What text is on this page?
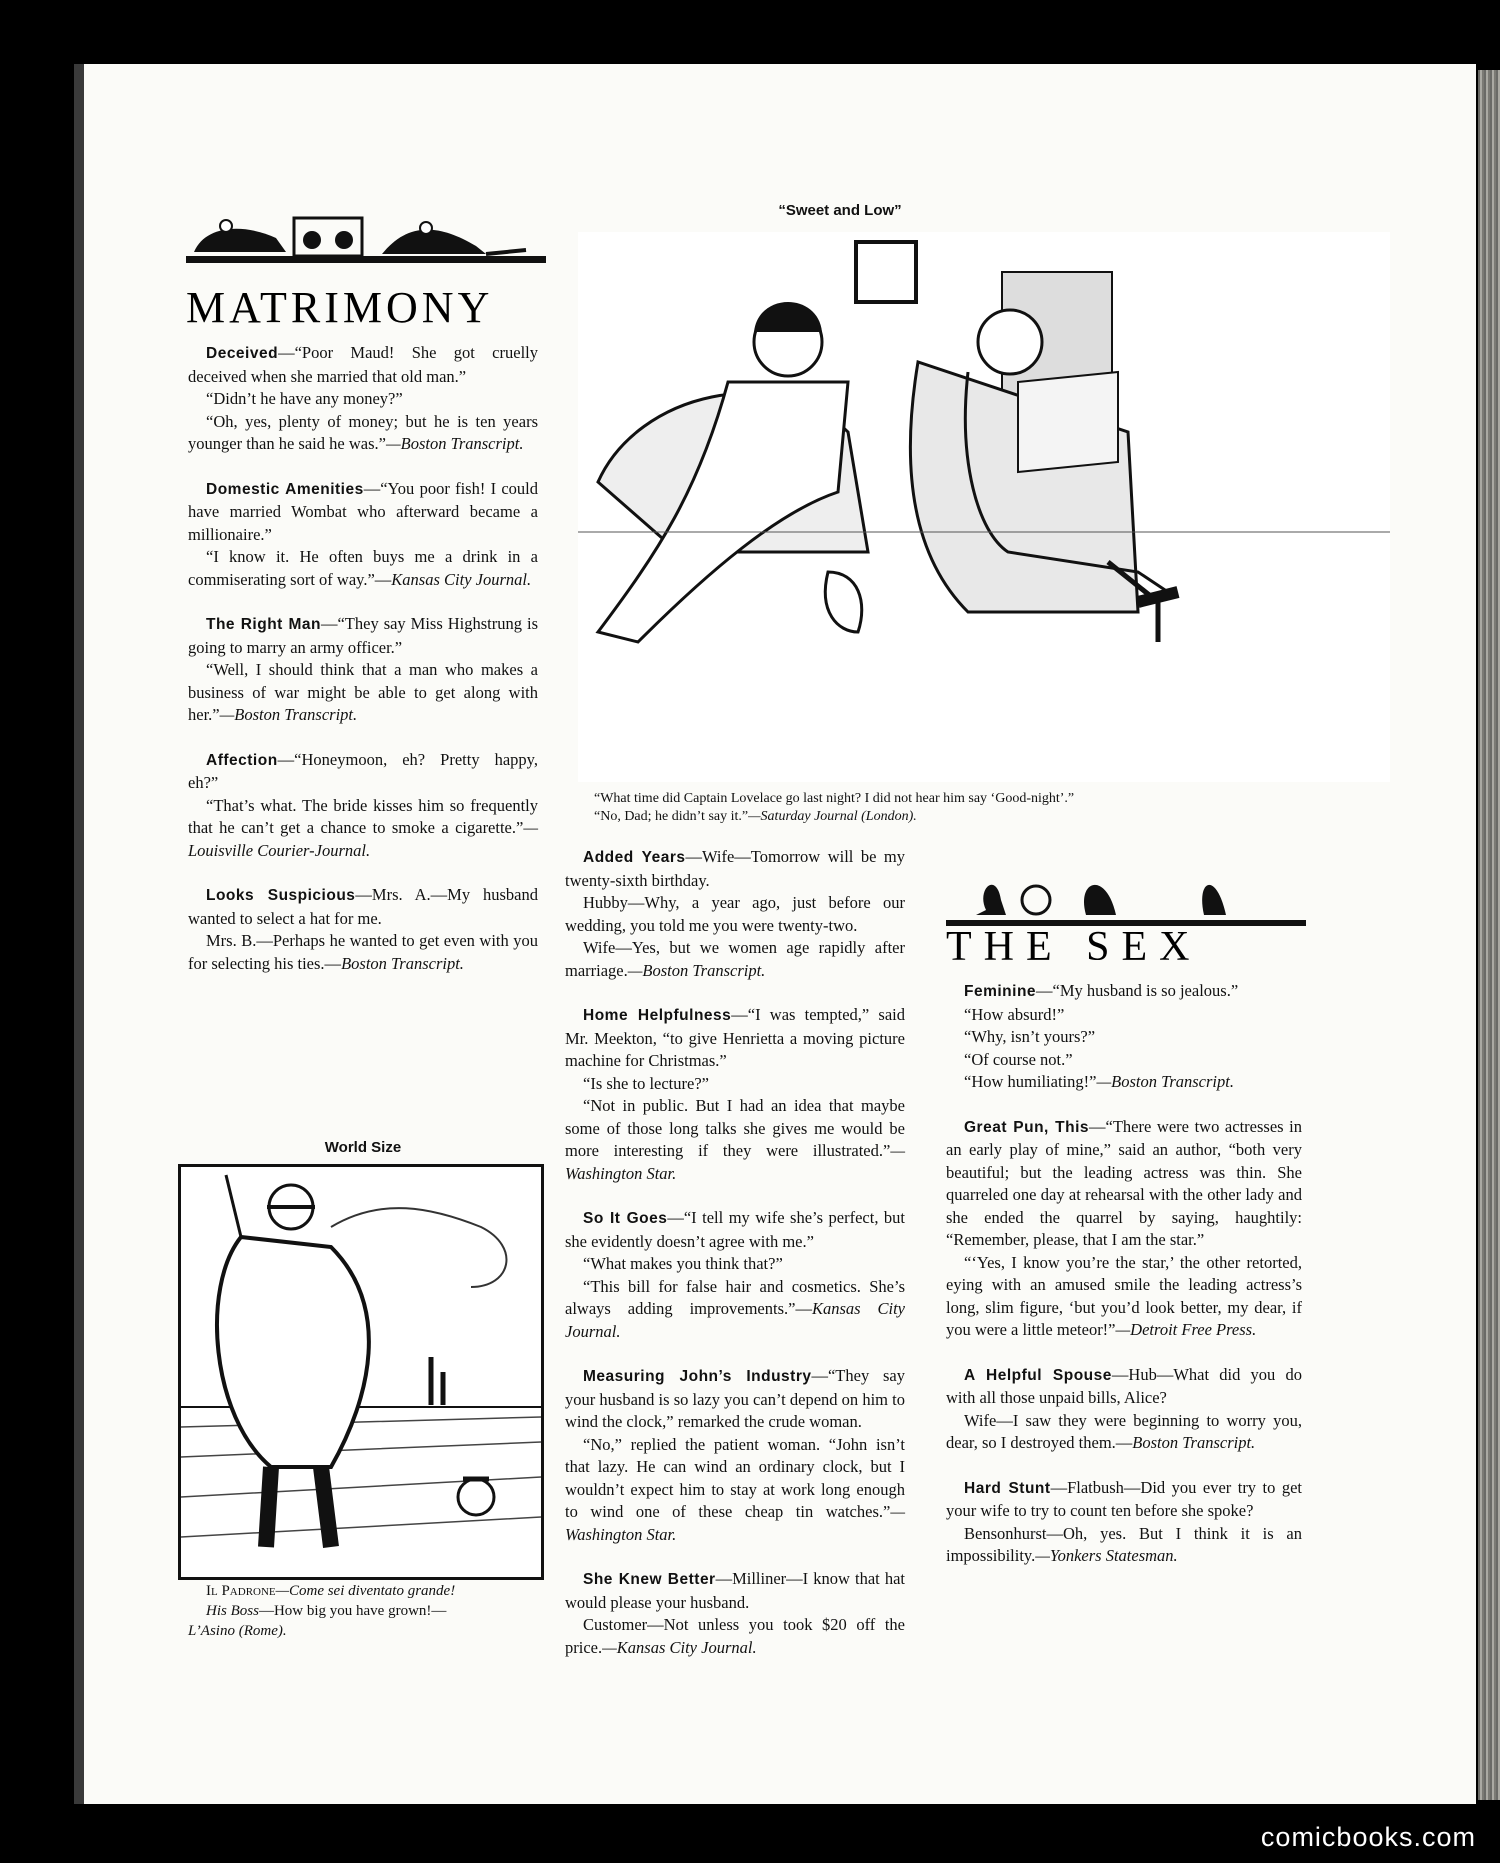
MATRIMONY

Deceived—“Poor Maud! She got cruelly deceived when she married that old man.”

“Didn’t he have any money?”

“Oh, yes, plenty of money; but he is ten years younger than he said he was.”—Boston Transcript.

Domestic Amenities—“You poor fish! I could have married Wombat who afterward became a millionaire.”

“I know it. He often buys me a drink in a commiserating sort of way.”—Kansas City Journal.

The Right Man—“They say Miss Highstrung is going to marry an army officer.”

“Well, I should think that a man who makes a business of war might be able to get along with her.”—Boston Transcript.

Affection—“Honeymoon, eh? Pretty happy, eh?”

“That’s what. The bride kisses him so frequently that he can’t get a chance to smoke a cigarette.”—Louisville Courier-Journal.

Looks Suspicious—Mrs. A.—My husband wanted to select a hat for me.

Mrs. B.—Perhaps he wanted to get even with you for selecting his ties.—Boston Transcript.

World Size

Il Padrone—Come sei diventato grande!

His Boss—How big you have grown!—

L’Asino (Rome).

“Sweet and Low”
“What time did Captain Lovelace go last night? I did not hear him say ‘Good-night’.”
“No, Dad; he didn’t say it.”—Saturday Journal (London).

Added Years—Wife—Tomorrow will be my twenty-sixth birthday.

Hubby—Why, a year ago, just before our wedding, you told me you were twenty-two.

Wife—Yes, but we women age rapidly after marriage.—Boston Transcript.

Home Helpfulness—“I was tempted,” said Mr. Meekton, “to give Henrietta a moving picture machine for Christmas.”

“Is she to lecture?”

“Not in public. But I had an idea that maybe some of those long talks she gives me would be more interesting if they were illustrated.”—Washington Star.

So It Goes—“I tell my wife she’s perfect, but she evidently doesn’t agree with me.”

“What makes you think that?”

“This bill for false hair and cosmetics. She’s always adding improvements.”—Kansas City Journal.

Measuring John’s Industry—“They say your husband is so lazy you can’t depend on him to wind the clock,” remarked the crude woman.

“No,” replied the patient woman. “John isn’t that lazy. He can wind an ordinary clock, but I wouldn’t expect him to stay at work long enough to wind one of these cheap tin watches.”—Washington Star.

She Knew Better—Milliner—I know that hat would please your husband.

Customer—Not unless you took $20 off the price.—Kansas City Journal.

THE SEX

Feminine—“My husband is so jealous.”

“How absurd!”

“Why, isn’t yours?”

“Of course not.”

“How humiliating!”—Boston Transcript.

Great Pun, This—“There were two actresses in an early play of mine,” said an author, “both very beautiful; but the leading actress was thin. She quarreled one day at rehearsal with the other lady and she ended the quarrel by saying, haughtily: “Remember, please, that I am the star.”

“‘Yes, I know you’re the star,’ the other retorted, eying with an amused smile the leading actress’s long, slim figure, ‘but you’d look better, my dear, if you were a little meteor!”—Detroit Free Press.

A Helpful Spouse—Hub—What did you do with all those unpaid bills, Alice?

Wife—I saw they were beginning to worry you, dear, so I destroyed them.—Boston Transcript.

Hard Stunt—Flatbush—Did you ever try to get your wife to try to count ten before she spoke?

Bensonhurst—Oh, yes. But I think it is an impossibility.—Yonkers Statesman.

comicbooks.com
